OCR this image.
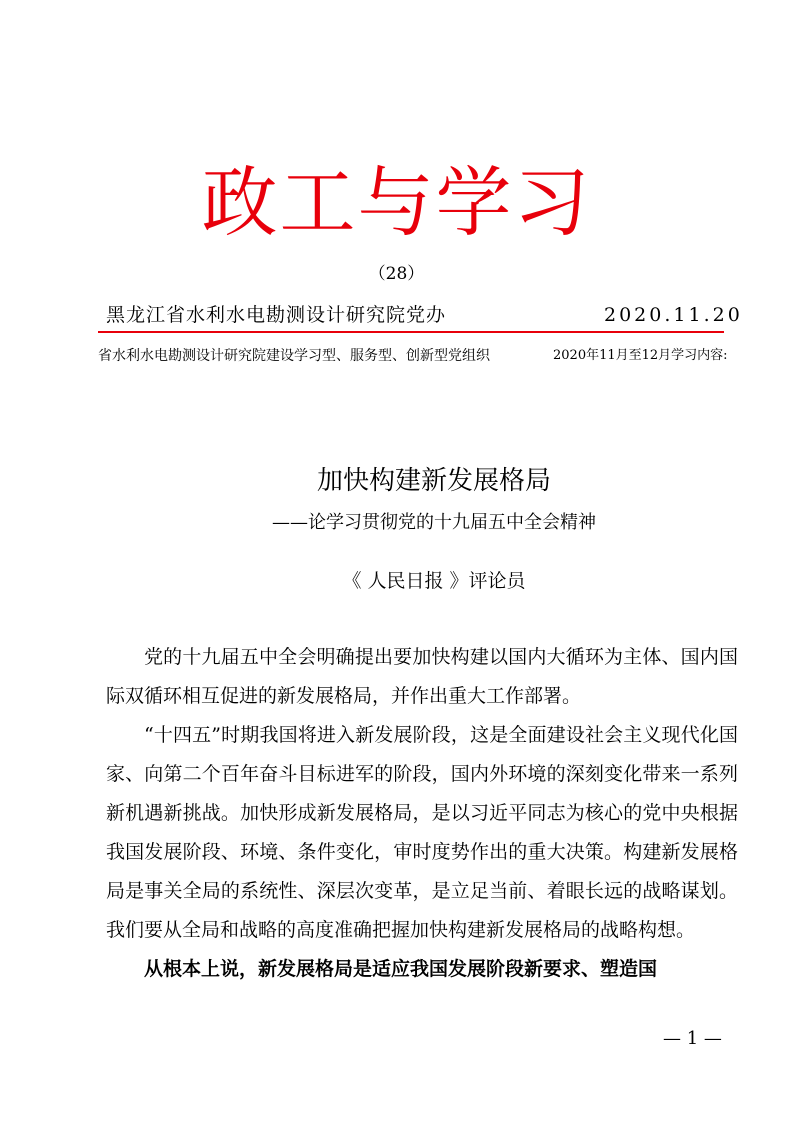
政工与学习
（28）
黑龙江省水利水电勘测设计研究院党办	2020.11.20
省水利水电勘测设计研究院建设学习型、服务型、创新型党组织	2020年11月至12月学习内容:
加快构建新发展格局
——论学习贯彻党的十九届五中全会精神
《 人民日报 》评论员

党的十九届五中全会明确提出要加快构建以国内大循环为主体、国内国际双循环相互促进的新发展格局，并作出重大工作部署。

“十四五”时期我国将进入新发展阶段，这是全面建设社会主义现代化国家、向第二个百年奋斗目标进军的阶段，国内外环境的深刻变化带来一系列新机遇新挑战。加快形成新发展格局，是以习近平同志为核心的党中央根据我国发展阶段、环境、条件变化，审时度势作出的重大决策。构建新发展格局是事关全局的系统性、深层次变革，是立足当前、着眼长远的战略谋划。我们要从全局和战略的高度准确把握加快构建新发展格局的战略构想。

从根本上说，新发展格局是适应我国发展阶段新要求、塑造国

— 1 —
